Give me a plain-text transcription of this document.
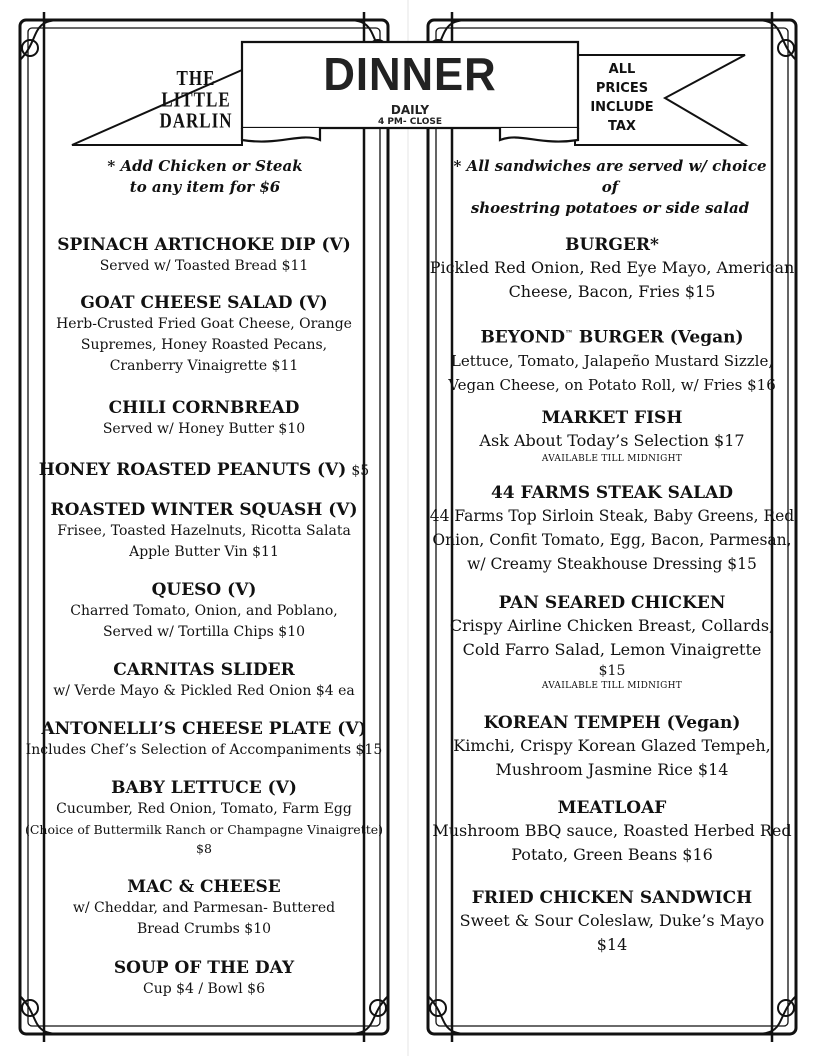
THE LITTLE DARLIN
DINNER
DAILY
4 PM- CLOSE
ALL
PRICES
INCLUDE
TAX
* Add Chicken or Steak
to any item for $6
* All sandwiches are served w/ choice of
shoestring potatoes or side salad
SPINACH ARTICHOKE DIP (V)
Served w/ Toasted Bread $11
GOAT CHEESE SALAD (V)
Herb-Crusted Fried Goat Cheese, Orange
Supremes, Honey Roasted Pecans,
Cranberry Vinaigrette $11
CHILI CORNBREAD
Served w/ Honey Butter $10
HONEY ROASTED PEANUTS (V) $5
ROASTED WINTER SQUASH (V)
Frisee, Toasted Hazelnuts, Ricotta Salata
Apple Butter Vin $11
QUESO (V)
Charred Tomato, Onion, and Poblano,
Served w/ Tortilla Chips $10
CARNITAS SLIDER
w/ Verde Mayo & Pickled Red Onion $4 ea
ANTONELLI’S CHEESE PLATE (V)
Includes Chef’s Selection of Accompaniments $15
BABY LETTUCE (V)
Cucumber, Red Onion, Tomato, Farm Egg
(Choice of Buttermilk Ranch or Champagne Vinaigrette)
$8
MAC & CHEESE
w/ Cheddar, and Parmesan- Buttered
Bread Crumbs $10
SOUP OF THE DAY
Cup $4 / Bowl $6
BURGER*
Pickled Red Onion, Red Eye Mayo, American
Cheese, Bacon, Fries $15
BEYOND™ BURGER (Vegan)
Lettuce, Tomato, Jalapeño Mustard Sizzle,
Vegan Cheese, on Potato Roll, w/ Fries $16
MARKET FISH
Ask About Today’s Selection $17
AVAILABLE TILL MIDNIGHT
44 FARMS STEAK SALAD
44 Farms Top Sirloin Steak, Baby Greens, Red
Onion, Confit Tomato, Egg, Bacon, Parmesan,
w/ Creamy Steakhouse Dressing $15
PAN SEARED CHICKEN
Crispy Airline Chicken Breast, Collards,
Cold Farro Salad, Lemon Vinaigrette
$15
AVAILABLE TILL MIDNIGHT
KOREAN TEMPEH (Vegan)
Kimchi, Crispy Korean Glazed Tempeh,
Mushroom Jasmine Rice $14
MEATLOAF
Mushroom BBQ sauce, Roasted Herbed Red
Potato, Green Beans $16
FRIED CHICKEN SANDWICH
Sweet & Sour Coleslaw, Duke’s Mayo
$14
